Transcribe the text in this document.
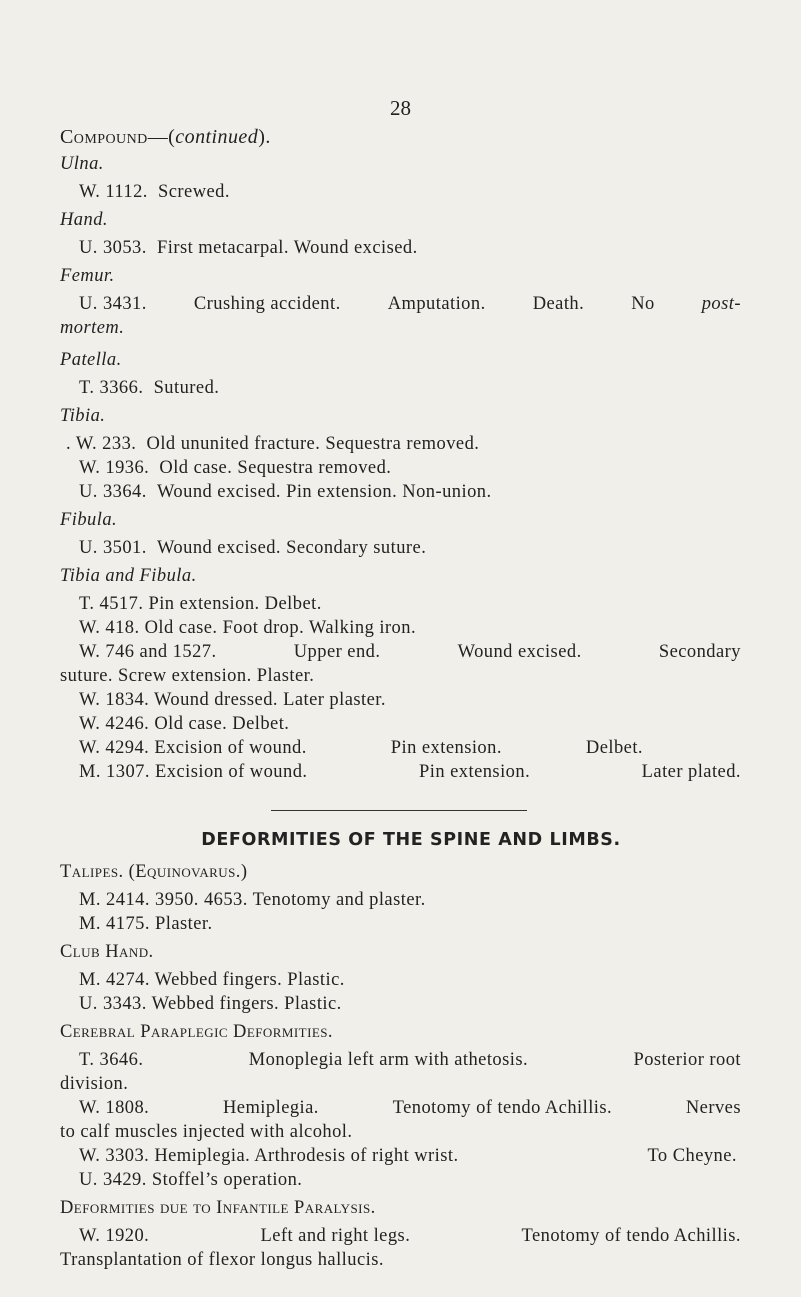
28
Compound—(continued).
Ulna.
W. 1112. Screwed.
Hand.
U. 3053. First metacarpal. Wound excised.
Femur.
U. 3431.	Crushing accident.	Amputation.	Death.	No	post-
mortem.
Patella.
T. 3366. Sutured.
Tibia.
. W. 233. Old ununited fracture. Sequestra removed.
W. 1936. Old case. Sequestra removed.
U. 3364. Wound excised. Pin extension. Non-union.
Fibula.
U. 3501. Wound excised. Secondary suture.
Tibia and Fibula.
T. 4517. Pin extension. Delbet.
W. 418. Old case. Foot drop. Walking iron.
W. 746 and 1527.	Upper end.	Wound excised.	Secondary
suture. Screw extension. Plaster.
W. 1834. Wound dressed. Later plaster.
W. 4246. Old case. Delbet.
W. 4294. Excision of wound.	Pin extension.	Delbet.
M. 1307. Excision of wound.	Pin extension.	Later plated.
DEFORMITIES OF THE SPINE AND LIMBS.
Talipes. (Equinovarus.)
M. 2414. 3950. 4653. Tenotomy and plaster.
M. 4175. Plaster.
Club Hand.
M. 4274. Webbed fingers. Plastic.
U. 3343. Webbed fingers. Plastic.
Cerebral Paraplegic Deformities.
T. 3646.	Monoplegia left arm with athetosis.	Posterior root
division.
W. 1808.	Hemiplegia.	Tenotomy of tendo Achillis.	Nerves
to calf muscles injected with alcohol.
W. 3303. Hemiplegia. Arthrodesis of right wrist.	To Cheyne.
U. 3429. Stoffel’s operation.
Deformities due to Infantile Paralysis.
W. 1920.	Left and right legs.	Tenotomy of tendo Achillis.
Transplantation of flexor longus hallucis.
